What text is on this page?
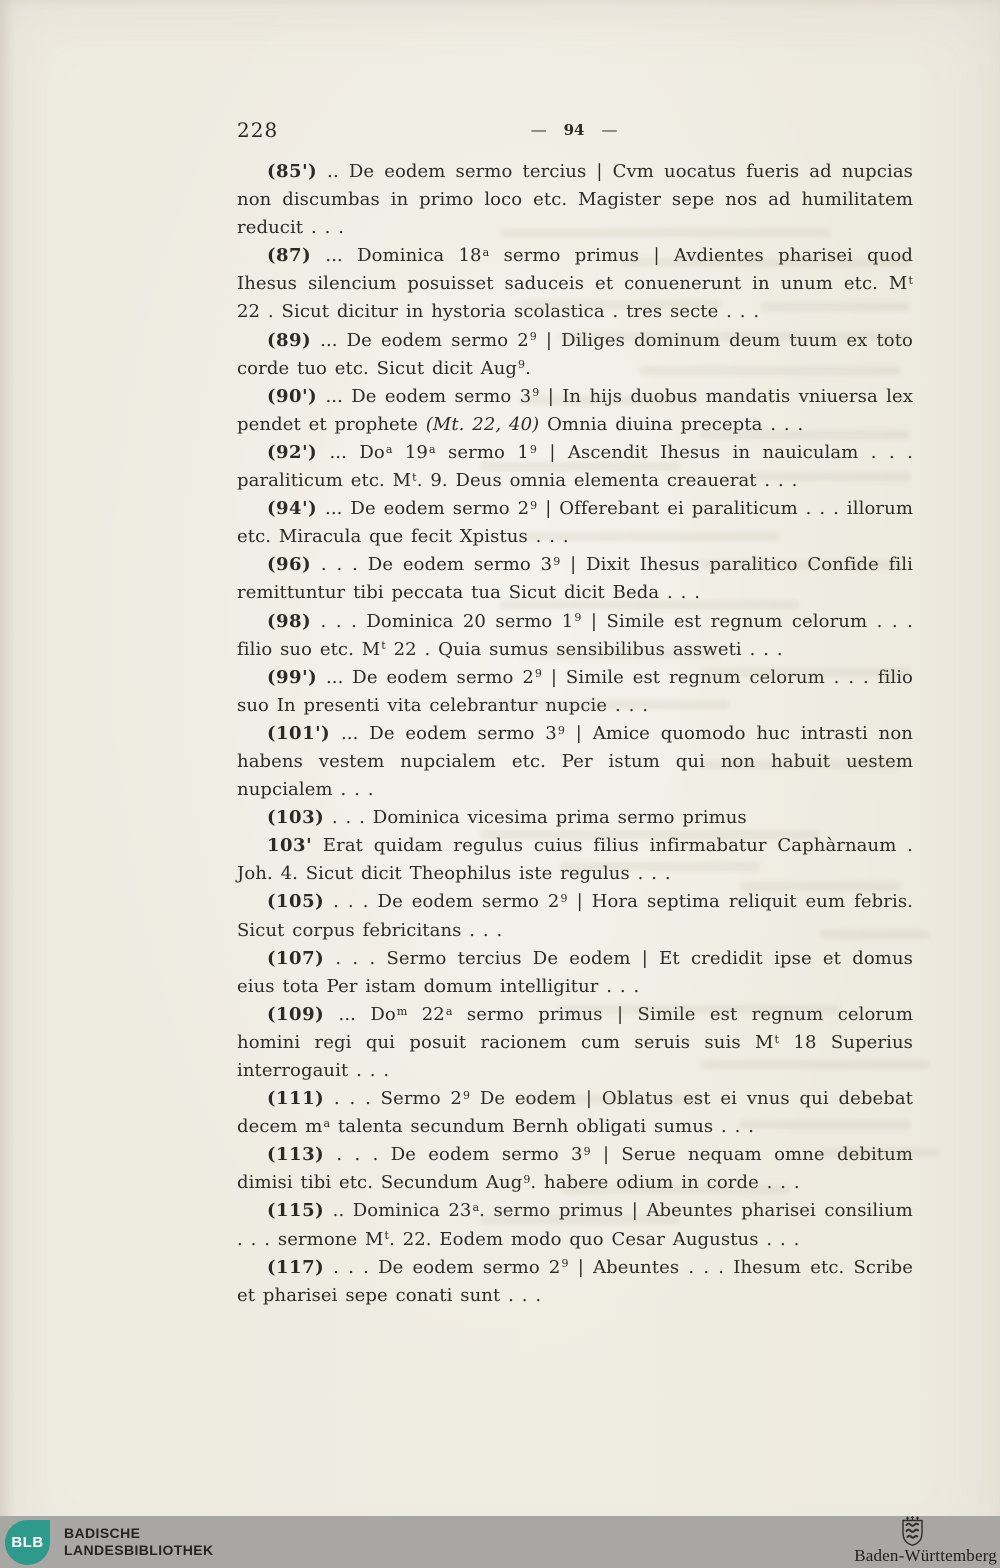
228	— 94 —

(85') .. De eodem sermo tercius | Cvm uocatus fueris ad nupcias non discumbas in primo loco etc. Magister sepe nos ad humilitatem reducit . . .

(87) ... Dominica 18$^a$ sermo primus | Avdientes pharisei quod Ihesus silencium posuisset saduceis et conuenerunt in unum etc. $M^t$ 22 . Sicut dicitur in hystoria scolastica . tres secte . . .

(89) ... De eodem sermo $2^9$ | Diliges dominum deum tuum ex toto corde tuo etc. Sicut dicit Aug$^9$.

(90') ... De eodem sermo $3^9$ | In hijs duobus mandatis vniuersa lex pendet et prophete (Mt. 22, 40) Omnia diuina precepta . . .

(92') ... Do$^a$ 19$^a$ sermo $1^9$ | Ascendit Ihesus in nauiculam . . . paraliticum etc. $M^t$. 9. Deus omnia elementa creauerat . . .

(94') ... De eodem sermo $2^9$ | Offerebant ei paraliticum . . . illorum etc. Miracula que fecit Xpistus . . .

(96) . . . De eodem sermo $3^9$ | Dixit Ihesus paralitico Confide fili remittuntur tibi peccata tua Sicut dicit Beda . . .

(98) . . . Dominica 20 sermo $1^9$ | Simile est regnum celorum . . . filio suo etc. $M^t$ 22 . Quia sumus sensibilibus assweti . . .

(99') ... De eodem sermo $2^9$ | Simile est regnum celorum . . . filio suo In presenti vita celebrantur nupcie . . .

(101') ... De eodem sermo $3^9$ | Amice quomodo huc intrasti non habens vestem nupcialem etc. Per istum qui non habuit uestem nupcialem . . .

(103) . . . Dominica vicesima prima sermo primus

103' Erat quidam regulus cuius filius infirmabatur Caphàrnaum . Joh. 4. Sicut dicit Theophilus iste regulus . . .

(105) . . . De eodem sermo $2^9$ | Hora septima reliquit eum febris. Sicut corpus febricitans . . .

(107) . . . Sermo tercius De eodem | Et credidit ipse et domus eius tota Per istam domum intelligitur . . .

(109) ... Do$^m$ 22$^a$ sermo primus | Simile est regnum celorum homini regi qui posuit racionem cum seruis suis $M^t$ 18 Superius interrogauit . . .

(111) . . . Sermo $2^9$ De eodem | Oblatus est ei vnus qui debebat decem $m^a$ talenta secundum Bernh obligati sumus . . .

(113) . . . De eodem sermo $3^9$ | Serue nequam omne debitum dimisi tibi etc. Secundum Aug$^9$. habere odium in corde . . .

(115) .. Dominica 23$^a$. sermo primus | Abeuntes pharisei consilium . . . sermone $M^t$. 22. Eodem modo quo Cesar Augustus . . .

(117) . . . De eodem sermo $2^9$ | Abeuntes . . . Ihesum etc. Scribe et pharisei sepe conati sunt . . .

BLB
BADISCHE
LANDESBIBLIOTHEK	Baden-Württemberg
